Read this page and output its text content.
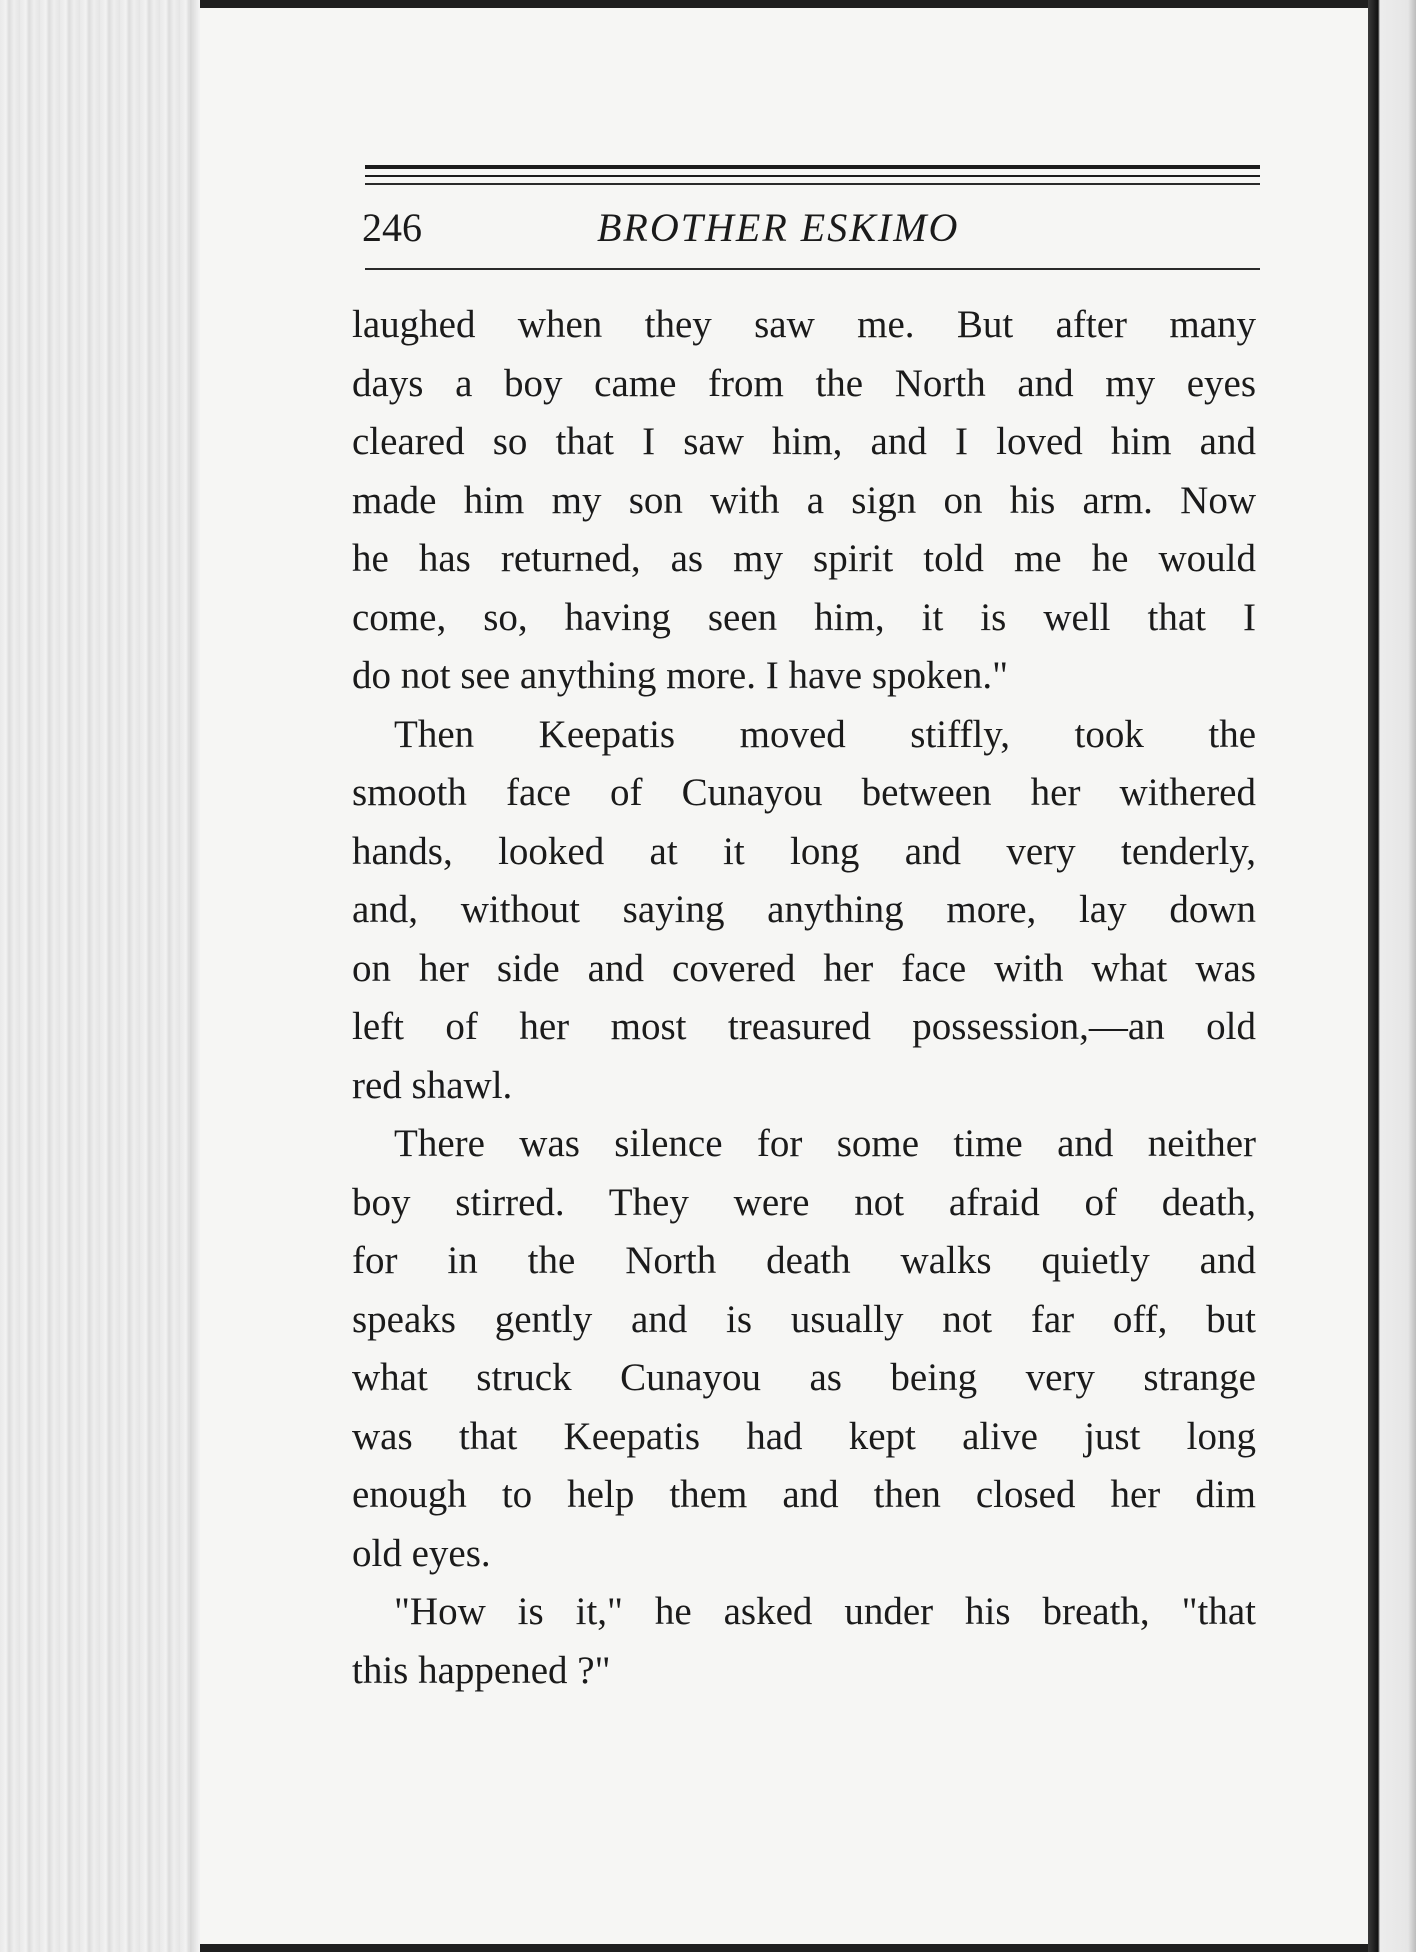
246	BROTHER ESKIMO
laughed when they saw me. But after many
days a boy came from the North and my eyes
cleared so that I saw him, and I loved him and
made him my son with a sign on his arm. Now
he has returned, as my spirit told me he would
come, so, having seen him, it is well that I
do not see anything more. I have spoken."
Then Keepatis moved stiffly, took the
smooth face of Cunayou between her withered
hands, looked at it long and very tenderly,
and, without saying anything more, lay down
on her side and covered her face with what was
left of her most treasured possession,—an old
red shawl.
There was silence for some time and neither
boy stirred. They were not afraid of death,
for in the North death walks quietly and
speaks gently and is usually not far off, but
what struck Cunayou as being very strange
was that Keepatis had kept alive just long
enough to help them and then closed her dim
old eyes.
"How is it," he asked under his breath, "that
this happened ?"
